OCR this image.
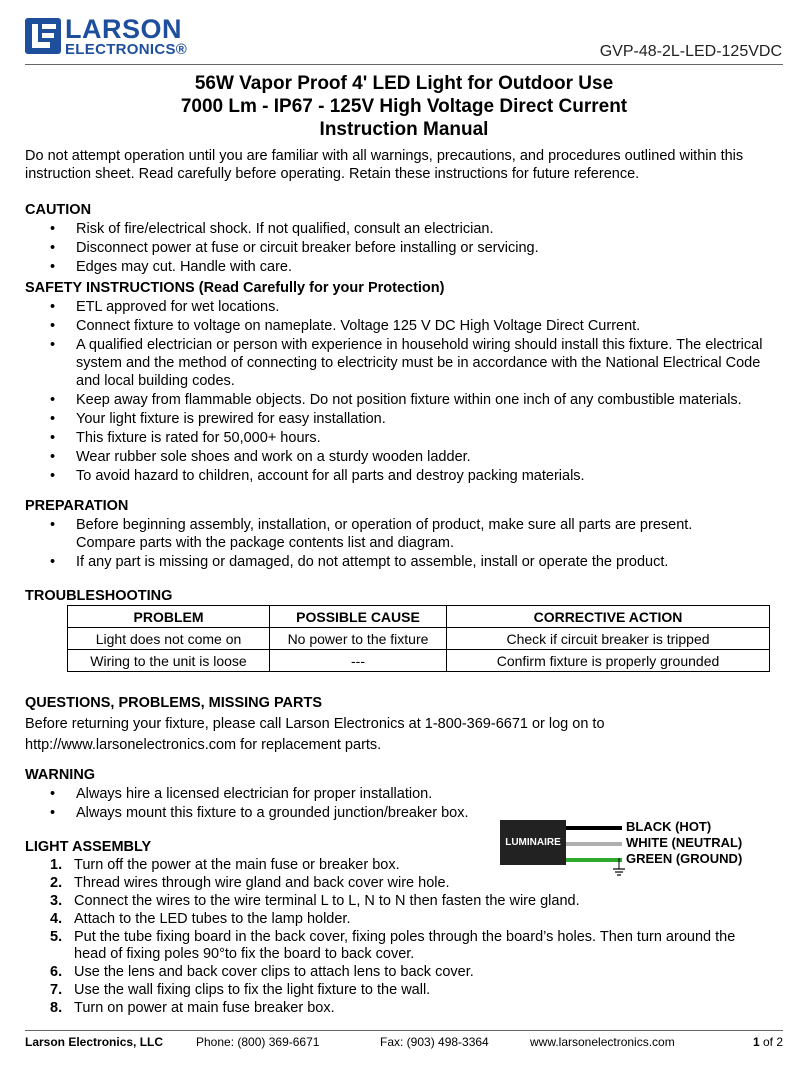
LARSON
ELECTRONICS®	GVP-48-2L-LED-125VDC
56W Vapor Proof 4' LED Light for Outdoor Use
7000 Lm - IP67 - 125V High Voltage Direct Current
Instruction Manual
Do not attempt operation until you are familiar with all warnings, precautions, and procedures outlined within this instruction sheet. Read carefully before operating. Retain these instructions for future reference.
CAUTION
• Risk of fire/electrical shock. If not qualified, consult an electrician.
• Disconnect power at fuse or circuit breaker before installing or servicing.
• Edges may cut. Handle with care.
SAFETY INSTRUCTIONS (Read Carefully for your Protection)
• ETL approved for wet locations.
• Connect fixture to voltage on nameplate. Voltage 125 V DC High Voltage Direct Current.
• A qualified electrician or person with experience in household wiring should install this fixture. The electrical system and the method of connecting to electricity must be in accordance with the National Electrical Code and local building codes.
• Keep away from flammable objects. Do not position fixture within one inch of any combustible materials.
• Your light fixture is prewired for easy installation.
• This fixture is rated for 50,000+ hours.
• Wear rubber sole shoes and work on a sturdy wooden ladder.
• To avoid hazard to children, account for all parts and destroy packing materials.
PREPARATION
• Before beginning assembly, installation, or operation of product, make sure all parts are present. Compare parts with the package contents list and diagram.
• If any part is missing or damaged, do not attempt to assemble, install or operate the product.
TROUBLESHOOTING
PROBLEM	POSSIBLE CAUSE	CORRECTIVE ACTION
Light does not come on	No power to the fixture	Check if circuit breaker is tripped
Wiring to the unit is loose	---	Confirm fixture is properly grounded
QUESTIONS, PROBLEMS, MISSING PARTS
Before returning your fixture, please call Larson Electronics at 1-800-369-6671 or log on to
http://www.larsonelectronics.com for replacement parts.
WARNING
• Always hire a licensed electrician for proper installation.
• Always mount this fixture to a grounded junction/breaker box.
LUMINAIRE
BLACK (HOT)
WHITE (NEUTRAL)
GREEN (GROUND)
LIGHT ASSEMBLY
1. Turn off the power at the main fuse or breaker box.
2. Thread wires through wire gland and back cover wire hole.
3. Connect the wires to the wire terminal L to L, N to N then fasten the wire gland.
4. Attach to the LED tubes to the lamp holder.
5. Put the tube fixing board in the back cover, fixing poles through the board’s holes. Then turn around the head of fixing poles 90°to fix the board to back cover.
6. Use the lens and back cover clips to attach lens to back cover.
7. Use the wall fixing clips to fix the light fixture to the wall.
8. Turn on power at main fuse breaker box.
Larson Electronics, LLC	Phone: (800) 369-6671	Fax: (903) 498-3364	www.larsonelectronics.com	1 of 2
